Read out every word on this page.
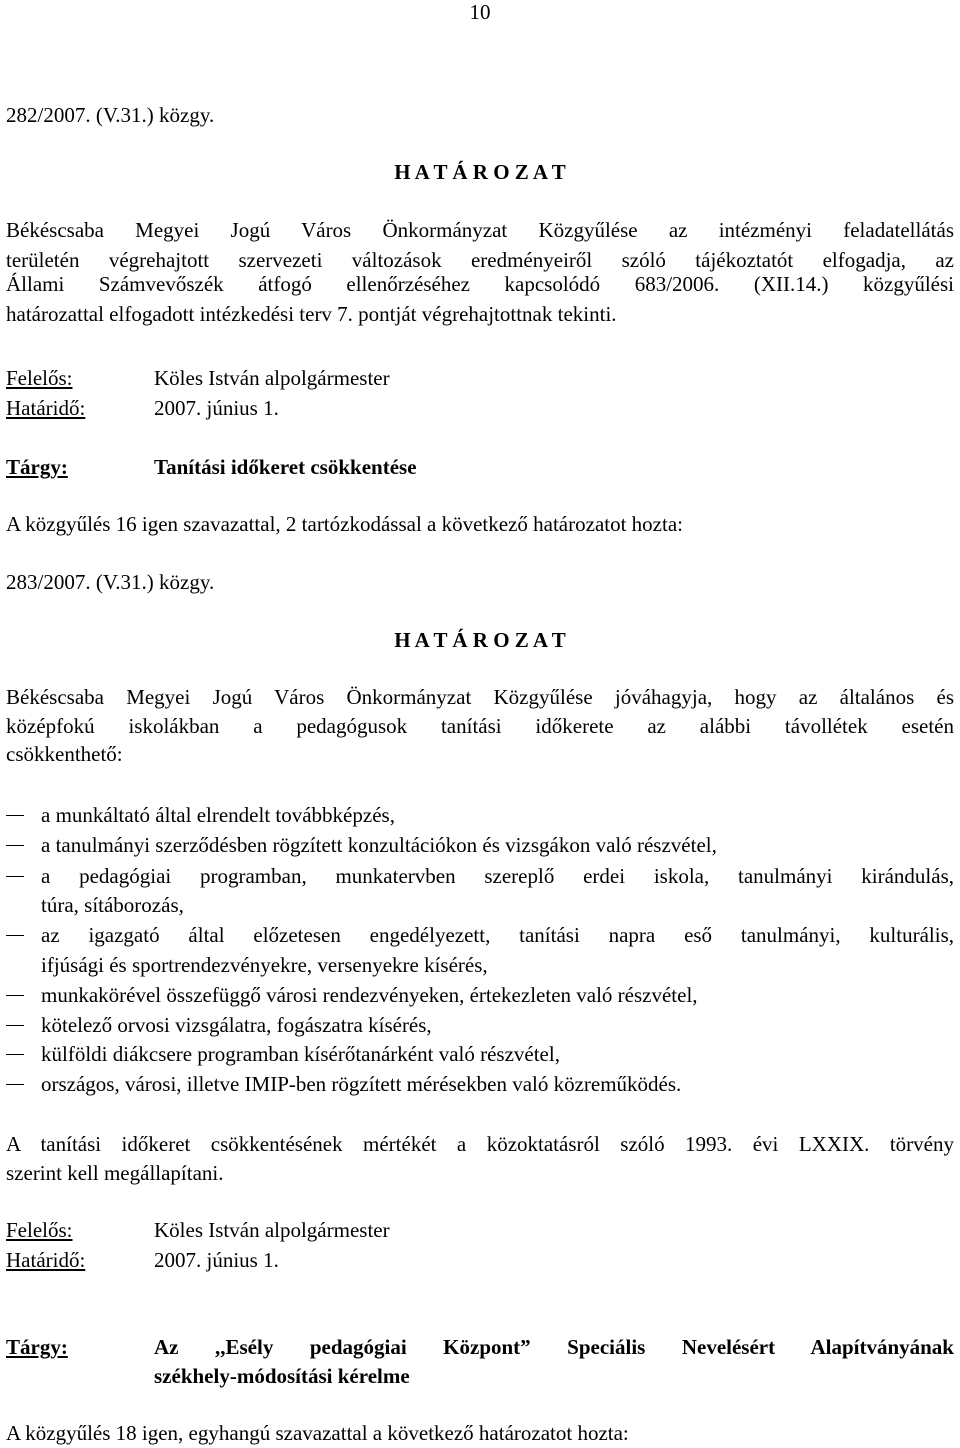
10
282/2007. (V.31.) közgy.
H A T Á R O Z A T
Békéscsaba Megyei Jogú Város Önkormányzat Közgyűlése az intézményi feladatellátás
területén végrehajtott szervezeti változások eredményeiről szóló tájékoztatót elfogadja, az
Állami Számvevőszék átfogó ellenőrzéséhez kapcsolódó 683/2006. (XII.14.) közgyűlési
határozattal elfogadott intézkedési terv 7. pontját végrehajtottnak tekinti.
Felelős:	Köles István alpolgármester
Határidő:	2007. június 1.
Tárgy:	Tanítási időkeret csökkentése
A közgyűlés 16 igen szavazattal, 2 tartózkodással a következő határozatot hozta:
283/2007. (V.31.) közgy.
H A T Á R O Z A T
Békéscsaba Megyei Jogú Város Önkormányzat Közgyűlése jóváhagyja, hogy az általános és
középfokú iskolákban a pedagógusok tanítási időkerete az alábbi távollétek esetén
csökkenthető:
a munkáltató által elrendelt továbbképzés,
a tanulmányi szerződésben rögzített konzultációkon és vizsgákon való részvétel,
a pedagógiai programban, munkatervben szereplő erdei iskola, tanulmányi kirándulás,
túra, sítáborozás,
az igazgató által előzetesen engedélyezett, tanítási napra eső tanulmányi, kulturális,
ifjúsági és sportrendezvényekre, versenyekre kísérés,
munkakörével összefüggő városi rendezvényeken, értekezleten való részvétel,
kötelező orvosi vizsgálatra, fogászatra kísérés,
külföldi diákcsere programban kísérőtanárként való részvétel,
országos, városi, illetve IMIP-ben rögzített mérésekben való közreműködés.
A tanítási időkeret csökkentésének mértékét a közoktatásról szóló 1993. évi LXXIX. törvény
szerint kell megállapítani.
Felelős:	Köles István alpolgármester
Határidő:	2007. június 1.
Tárgy:	Az ,,Esély pedagógiai Központ” Speciális Nevelésért Alapítványának
székhely-módosítási kérelme
A közgyűlés 18 igen, egyhangú szavazattal a következő határozatot hozta:
